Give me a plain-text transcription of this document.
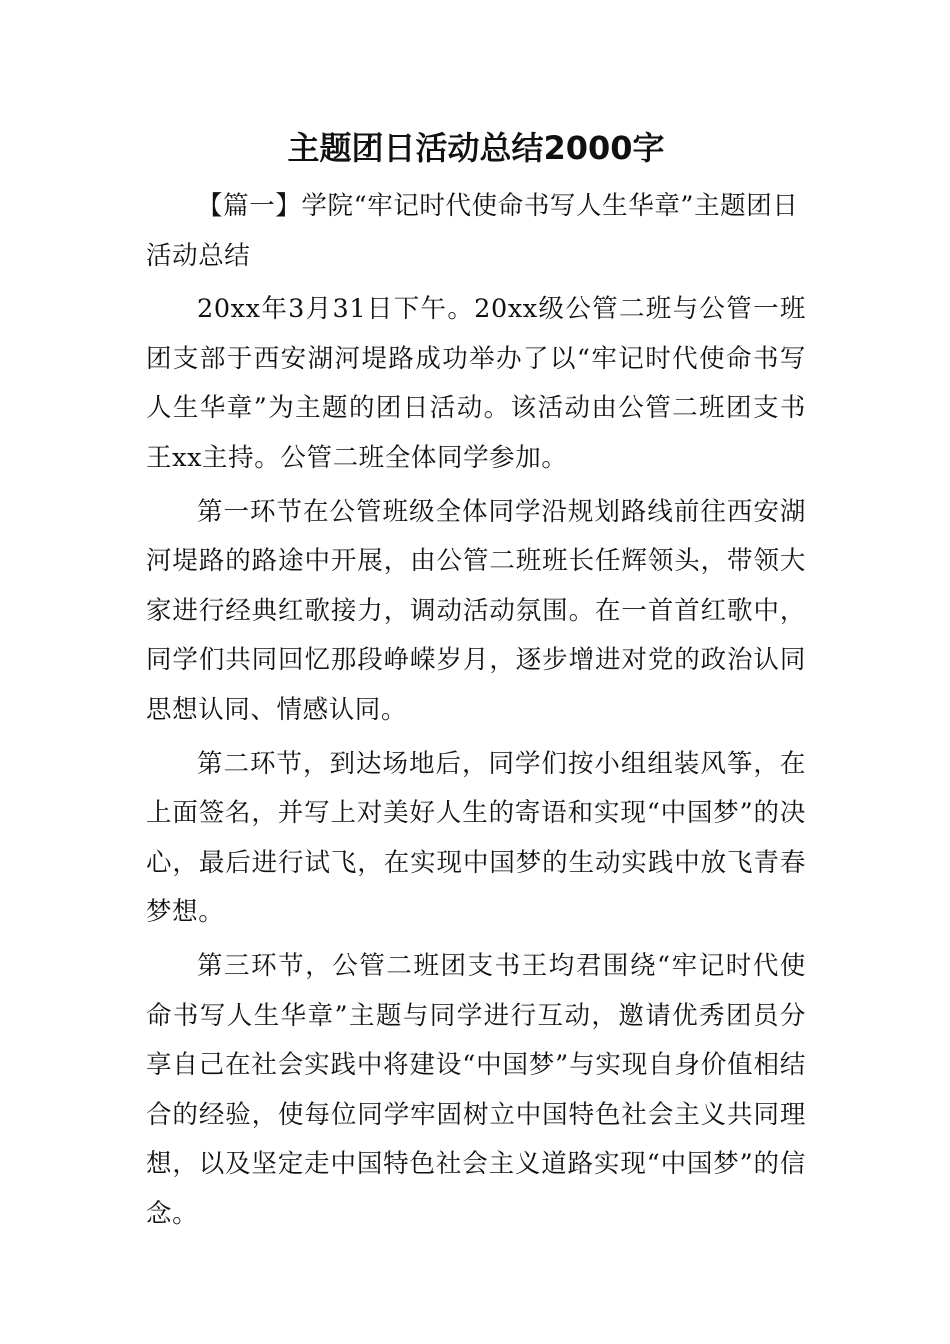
主题团日活动总结2000字

【篇一】学院“牢记时代使命书写人生华章”主题团日活动总结

20xx年3月31日下午。20xx级公管二班与公管一班团支部于西安湖河堤路成功举办了以“牢记时代使命书写人生华章”为主题的团日活动。该活动由公管二班团支书王xx主持。公管二班全体同学参加。

第一环节在公管班级全体同学沿规划路线前往西安湖河堤路的路途中开展，由公管二班班长任辉领头，带领大家进行经典红歌接力，调动活动氛围。在一首首红歌中，同学们共同回忆那段峥嵘岁月，逐步增进对党的政治认同思想认同、情感认同。

第二环节，到达场地后，同学们按小组组装风筝，在上面签名，并写上对美好人生的寄语和实现“中国梦”的决心，最后进行试飞，在实现中国梦的生动实践中放飞青春梦想。

第三环节，公管二班团支书王均君围绕“牢记时代使命书写人生华章”主题与同学进行互动，邀请优秀团员分享自己在社会实践中将建设“中国梦”与实现自身价值相结合的经验，使每位同学牢固树立中国特色社会主义共同理想，以及坚定走中国特色社会主义道路实现“中国梦”的信念。
